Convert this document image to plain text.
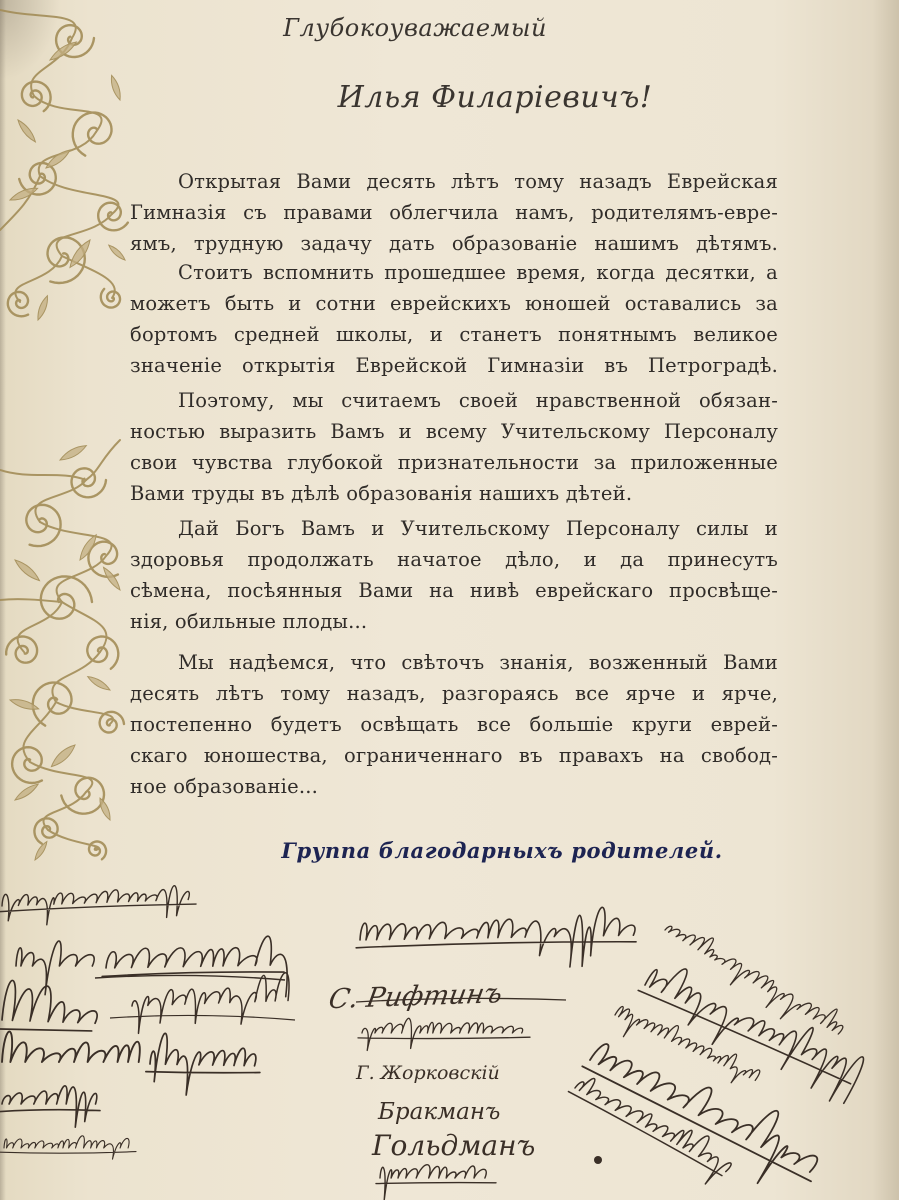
Глубокоуважаемый
Илья Филаріевичъ!
Открытая Вами десять лѣтъ тому назадъ Еврейская
Гимназія съ правами облегчила намъ, родителямъ-евре-
ямъ, трудную задачу дать образованіе нашимъ дѣтямъ.
Стоитъ вспомнить прошедшее время, когда десятки, а
можетъ быть и сотни еврейскихъ юношей оставались за
бортомъ средней школы, и станетъ понятнымъ великое
значеніе открытія Еврейской Гимназіи въ Петроградѣ.
Поэтому, мы считаемъ своей нравственной обязан-
ностью выразить Вамъ и всему Учительскому Персоналу
свои чувства глубокой признательности за приложенные
Вами труды въ дѣлѣ образованія нашихъ дѣтей.
Дай Богъ Вамъ и Учительскому Персоналу силы и
здоровья продолжать начатое дѣло, и да принесутъ
сѣмена, посѣянныя Вами на нивѣ еврейскаго просвѣще-
нія, обильные плоды...
Мы надѣемся, что свѣточъ знанія, возженный Вами
десять лѣтъ тому назадъ, разгораясь все ярче и ярче,
постепенно будетъ освѣщать все большіе круги еврей-
скаго юношества, ограниченнаго въ правахъ на свобод-
ное образованіе...
Группа благодарныхъ родителей.
С. Рифтинъ
Г. Жорковскій
Бракманъ
Гольдманъ
